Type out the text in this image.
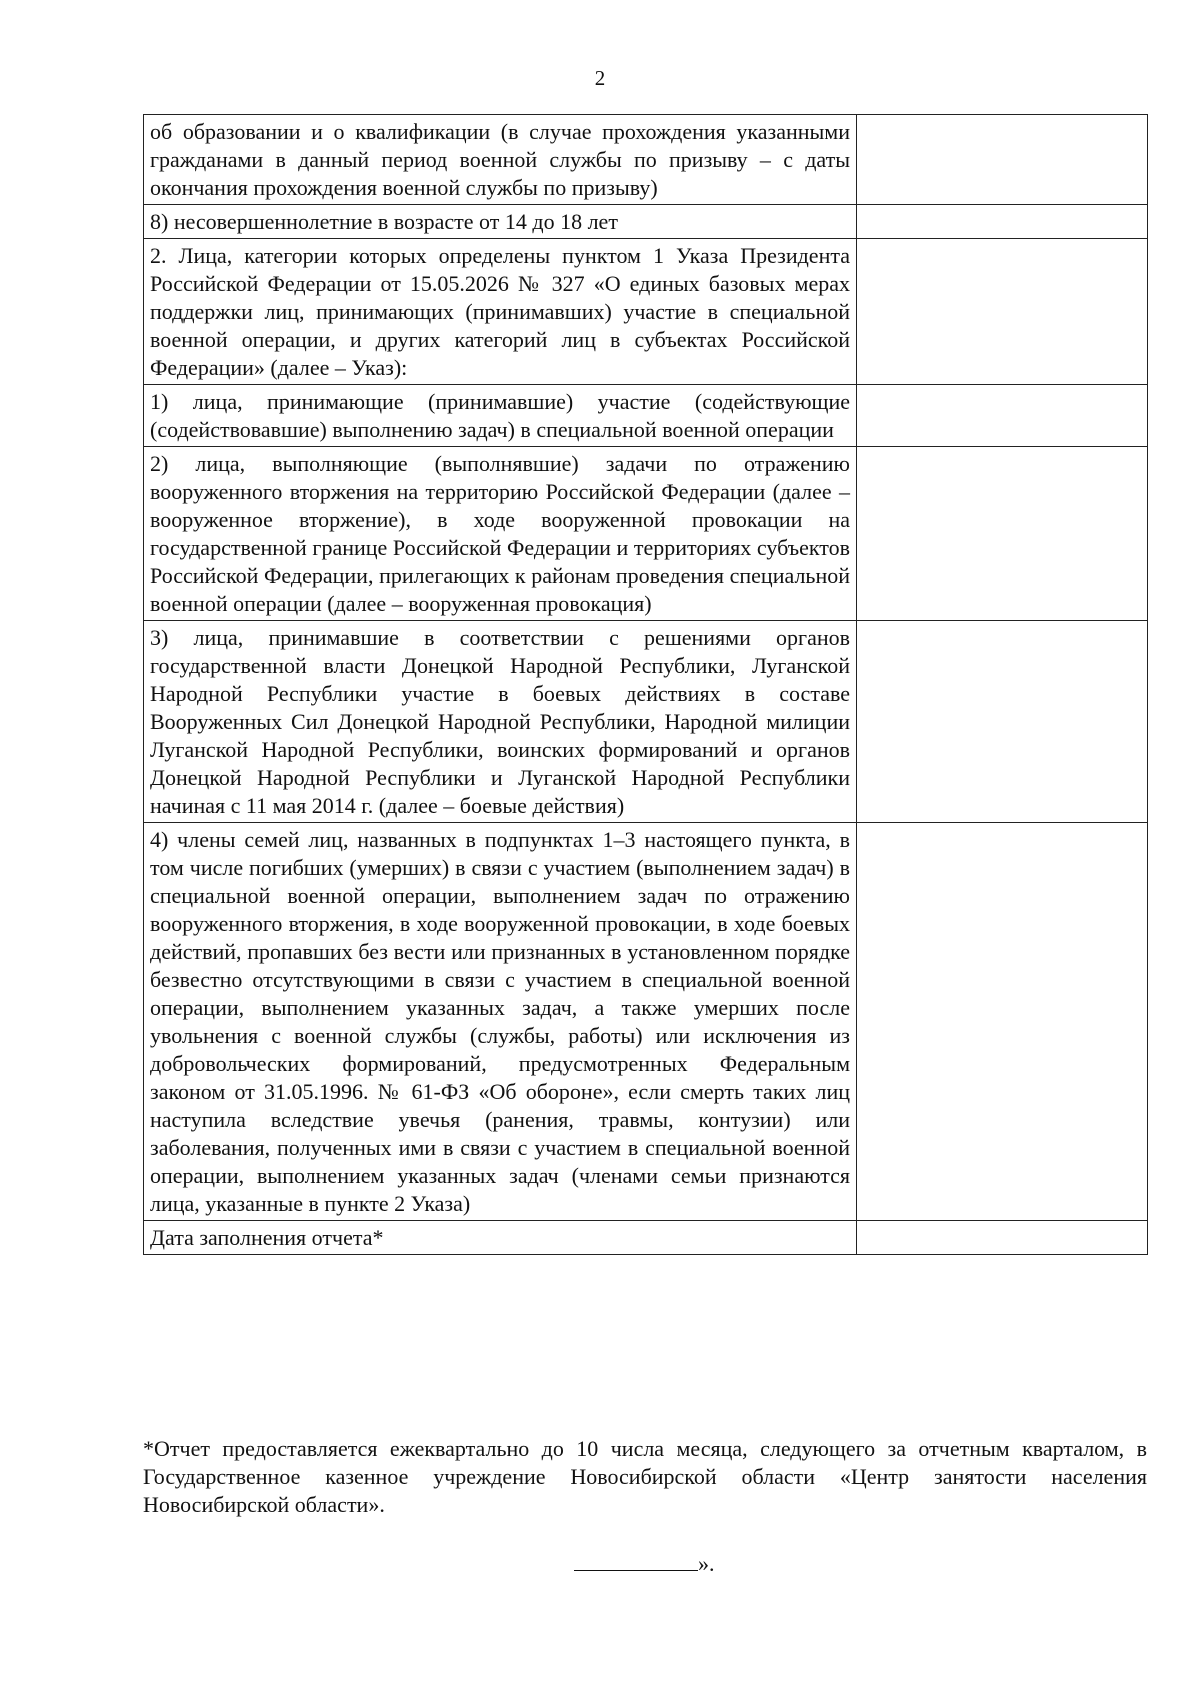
2
об образовании и о квалификации (в случае прохождения указанными гражданами в данный период военной службы по призыву – с даты окончания прохождения военной службы по призыву)	
8) несовершеннолетние в возрасте от 14 до 18 лет	
2. Лица, категории которых определены пунктом 1 Указа Президента Российской Федерации от 15.05.2026 № 327 «О единых базовых мерах поддержки лиц, принимающих (принимавших) участие в специальной военной операции, и других категорий лиц в субъектах Российской Федерации» (далее – Указ):	
1) лица, принимающие (принимавшие) участие (содействующие (содействовавшие) выполнению задач) в специальной военной операции	
2) лица, выполняющие (выполнявшие) задачи по отражению вооруженного вторжения на территорию Российской Федерации (далее – вооруженное вторжение), в ходе вооруженной провокации на государственной границе Российской Федерации и территориях субъектов Российской Федерации, прилегающих к районам проведения специальной военной операции (далее – вооруженная провокация)	
3) лица, принимавшие в соответствии с решениями органов государственной власти Донецкой Народной Республики, Луганской Народной Республики участие в боевых действиях в составе Вооруженных Сил Донецкой Народной Республики, Народной милиции Луганской Народной Республики, воинских формирований и органов Донецкой Народной Республики и Луганской Народной Республики начиная с 11 мая 2014 г. (далее – боевые действия)	
4) члены семей лиц, названных в подпунктах 1–3 настоящего пункта, в том числе погибших (умерших) в связи с участием (выполнением задач) в специальной военной операции, выполнением задач по отражению вооруженного вторжения, в ходе вооруженной провокации, в ходе боевых действий, пропавших без вести или признанных в установленном порядке безвестно отсутствующими в связи с участием в специальной военной операции, выполнением указанных задач, а также умерших после увольнения с военной службы (службы, работы) или исключения из добровольческих формирований, предусмотренных Федеральным законом от 31.05.1996. № 61-ФЗ «Об обороне», если смерть таких лиц наступила вследствие увечья (ранения, травмы, контузии) или заболевания, полученных ими в связи с участием в специальной военной операции, выполнением указанных задач (членами семьи признаются лица, указанные в пункте 2 Указа)	
Дата заполнения отчета*	
*Отчет предоставляется ежеквартально до 10 числа месяца, следующего за отчетным кварталом, в Государственное казенное учреждение Новосибирской области «Центр занятости населения Новосибирской области».
».
